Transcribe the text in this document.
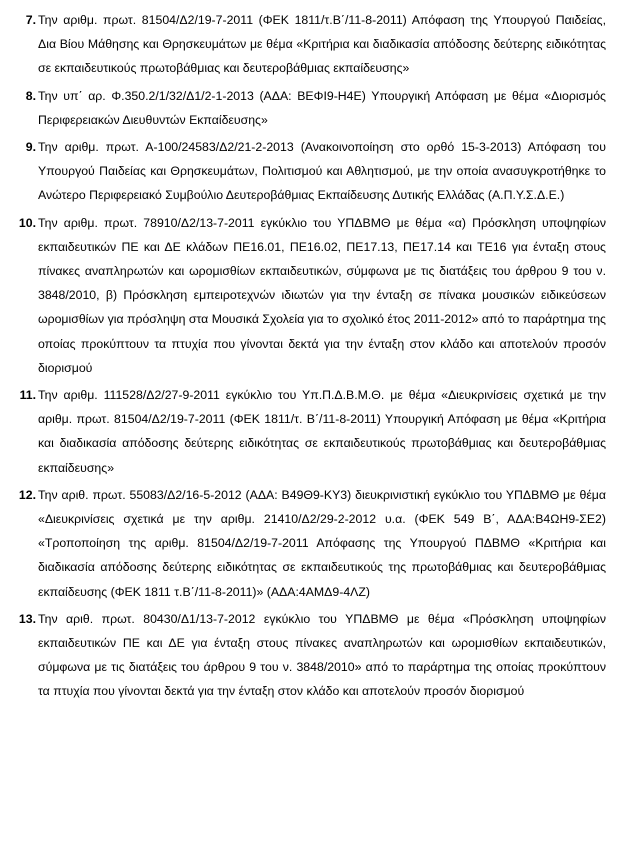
7. Την αριθμ. πρωτ. 81504/Δ2/19-7-2011 (ΦΕΚ 1811/τ.Β΄/11-8-2011) Απόφαση της Υπουργού Παιδείας, Δια Βίου Μάθησης και Θρησκευμάτων με θέμα «Κριτήρια και διαδικασία απόδοσης δεύτερης ειδικότητας σε εκπαιδευτικούς πρωτοβάθμιας και δευτεροβάθμιας εκπαίδευσης»
8. Την υπ΄ αρ. Φ.350.2/1/32/Δ1/2-1-2013 (ΑΔΑ: ΒΕΦΙ9-Η4Ε) Υπουργική Απόφαση με θέμα «Διορισμός Περιφερειακών Διευθυντών Εκπαίδευσης»
9. Την αριθμ. πρωτ. Α-100/24583/Δ2/21-2-2013 (Ανακοινοποίηση στο ορθό 15-3-2013) Απόφαση του Υπουργού Παιδείας και Θρησκευμάτων, Πολιτισμού και Αθλητισμού, με την οποία ανασυγκροτήθηκε το Ανώτερο Περιφερειακό Συμβούλιο Δευτεροβάθμιας Εκπαίδευσης Δυτικής Ελλάδας (Α.Π.Υ.Σ.Δ.Ε.)
10. Την αριθμ. πρωτ. 78910/Δ2/13-7-2011 εγκύκλιο του ΥΠΔΒΜΘ με θέμα «α) Πρόσκληση υποψηφίων εκπαιδευτικών ΠΕ και ΔΕ κλάδων ΠΕ16.01, ΠΕ16.02, ΠΕ17.13, ΠΕ17.14 και ΤΕ16 για ένταξη στους πίνακες αναπληρωτών και ωρομισθίων εκπαιδευτικών, σύμφωνα με τις διατάξεις του άρθρου 9 του ν. 3848/2010, β) Πρόσκληση εμπειροτεχνών ιδιωτών για την ένταξη σε πίνακα μουσικών ειδικεύσεων ωρομισθίων για πρόσληψη στα Μουσικά Σχολεία για το σχολικό έτος 2011-2012» από το παράρτημα της οποίας προκύπτουν τα πτυχία που γίνονται δεκτά για την ένταξη στον κλάδο και αποτελούν προσόν διορισμού
11. Την αριθμ. 111528/Δ2/27-9-2011 εγκύκλιο του Υπ.Π.Δ.Β.Μ.Θ. με θέμα «Διευκρινίσεις σχετικά με την αριθμ. πρωτ. 81504/Δ2/19-7-2011 (ΦΕΚ 1811/τ. Β΄/11-8-2011) Υπουργική Απόφαση με θέμα «Κριτήρια και διαδικασία απόδοσης δεύτερης ειδικότητας σε εκπαιδευτικούς πρωτοβάθμιας και δευτεροβάθμιας εκπαίδευσης»
12. Την αριθ. πρωτ. 55083/Δ2/16-5-2012 (ΑΔΑ: Β49Θ9-ΚΥ3) διευκρινιστική εγκύκλιο του ΥΠΔΒΜΘ με θέμα «Διευκρινίσεις σχετικά με την αριθμ. 21410/Δ2/29-2-2012 υ.α. (ΦΕΚ 549 Β΄, ΑΔΑ:Β4ΩΗ9-ΣΕ2) «Τροποποίηση της αριθμ. 81504/Δ2/19-7-2011 Απόφασης της Υπουργού ΠΔΒΜΘ «Κριτήρια και διαδικασία απόδοσης δεύτερης ειδικότητας σε εκπαιδευτικούς της πρωτοβάθμιας και δευτεροβάθμιας εκπαίδευσης (ΦΕΚ 1811 τ.Β΄/11-8-2011)» (ΑΔΑ:4ΑΜΔ9-4ΛΖ)
13. Την αριθ. πρωτ. 80430/Δ1/13-7-2012 εγκύκλιο του ΥΠΔΒΜΘ με θέμα «Πρόσκληση υποψηφίων εκπαιδευτικών ΠΕ και ΔΕ για ένταξη στους πίνακες αναπληρωτών και ωρομισθίων εκπαιδευτικών, σύμφωνα με τις διατάξεις του άρθρου 9 του ν. 3848/2010» από το παράρτημα της οποίας προκύπτουν τα πτυχία που γίνονται δεκτά για την ένταξη στον κλάδο και αποτελούν προσόν διορισμού
